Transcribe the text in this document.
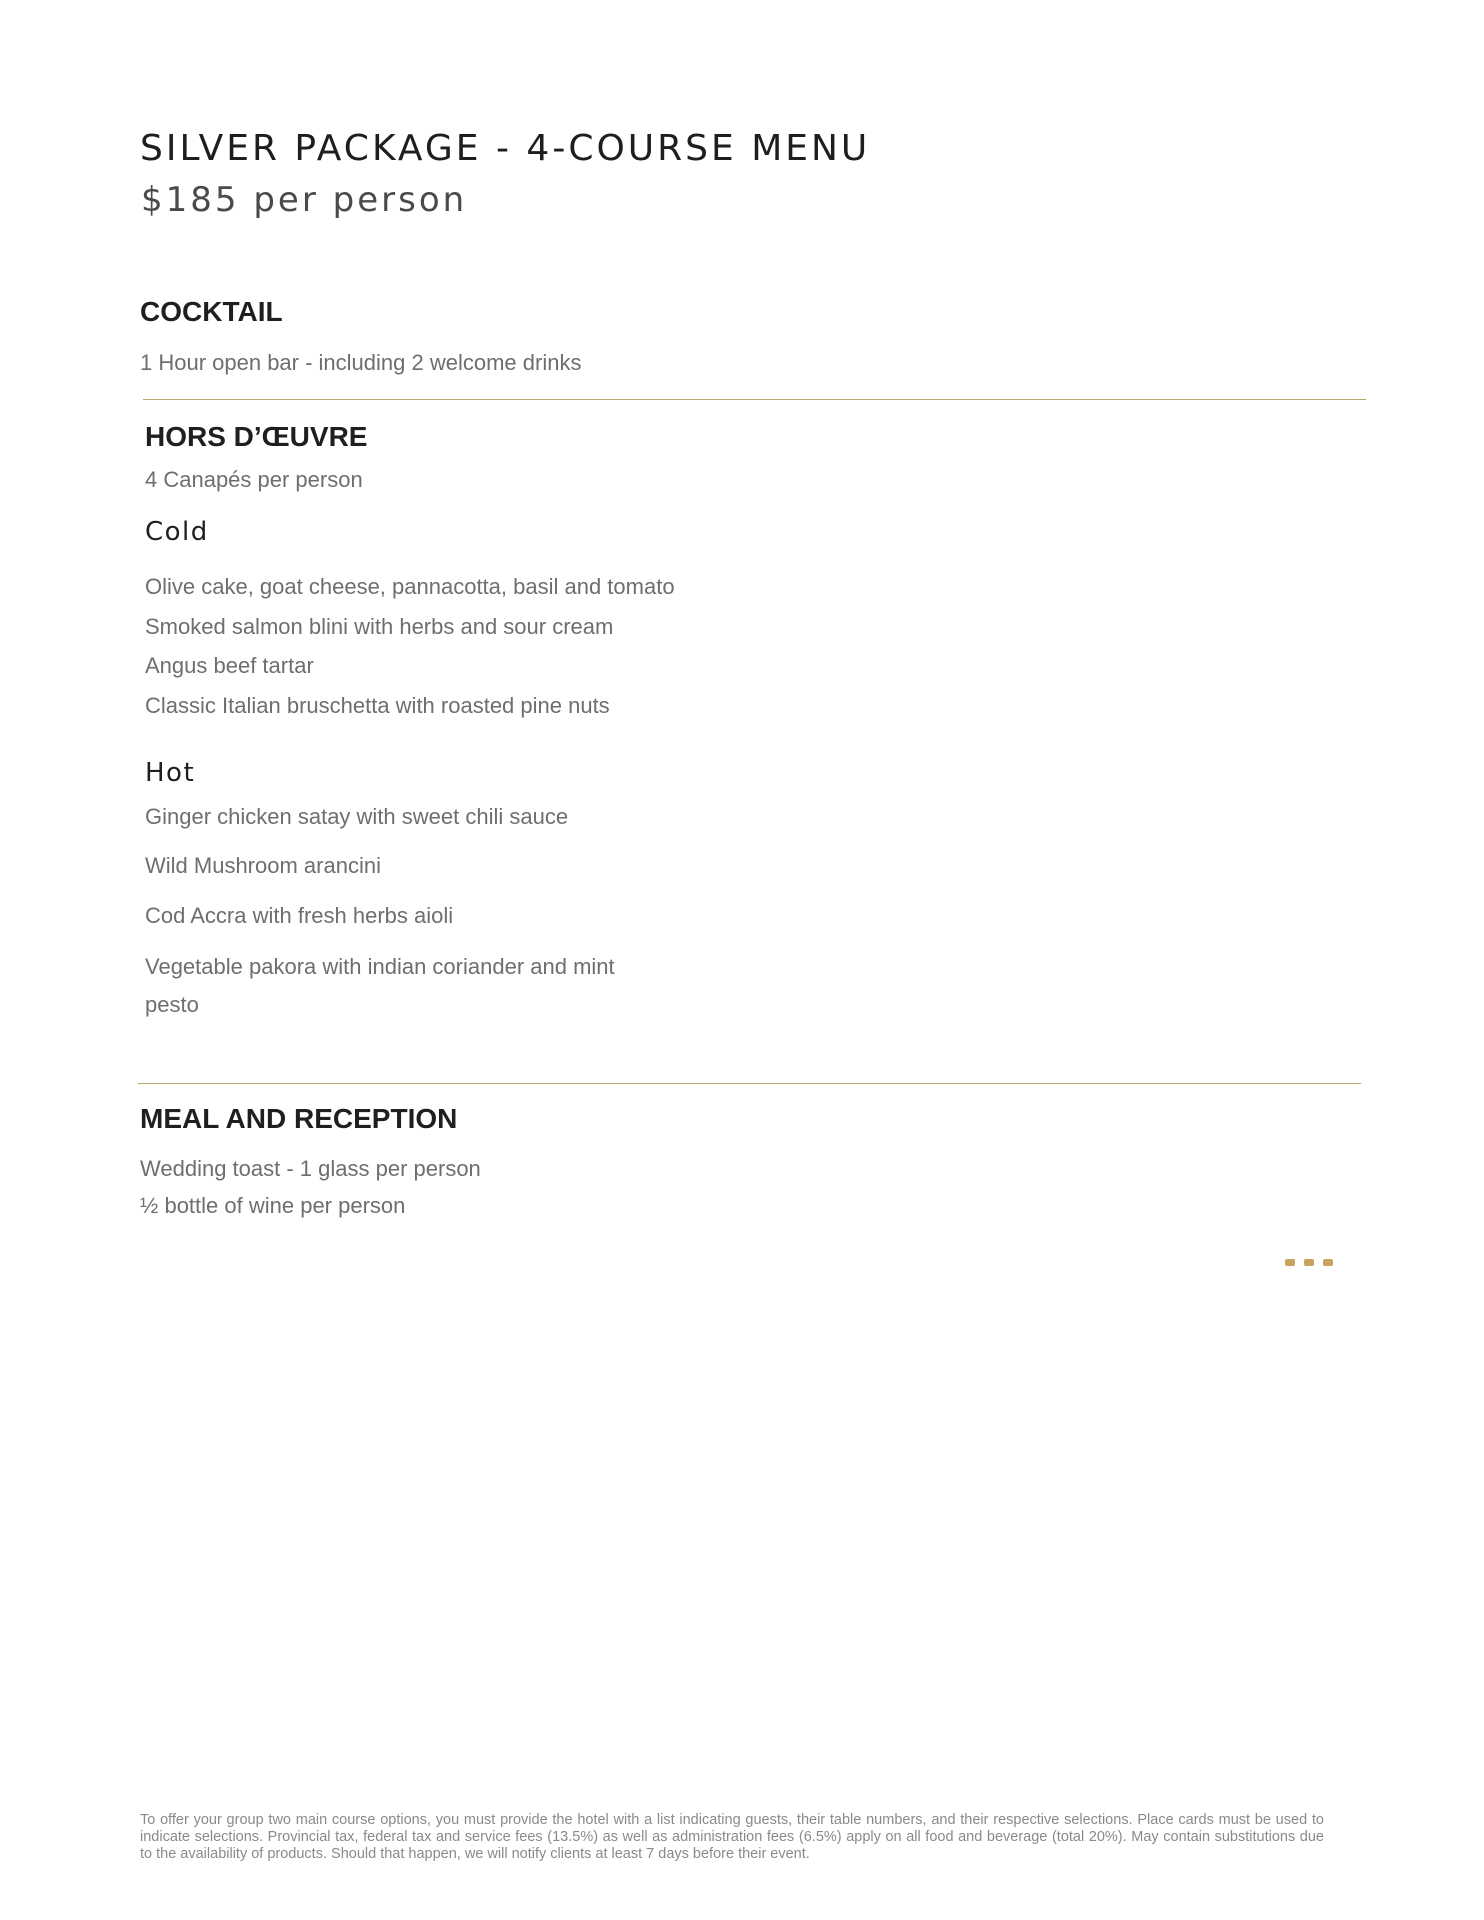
SILVER PACKAGE - 4-COURSE MENU
$185 per person
COCKTAIL
1 Hour open bar - including 2 welcome drinks
HORS D’ŒUVRE
4 Canapés per person
Cold
Olive cake, goat cheese, pannacotta, basil and tomato
Smoked salmon blini with herbs and sour cream
Angus beef tartar
Classic Italian bruschetta with roasted pine nuts
Hot
Ginger chicken satay with sweet chili sauce
Wild Mushroom arancini
Cod Accra with fresh herbs aioli
Vegetable pakora with indian coriander and mint
pesto
MEAL AND RECEPTION
Wedding toast - 1 glass per person
½ bottle of wine per person
To offer your group two main course options, you must provide the hotel with a list indicating guests, their table numbers, and their respective selections. Place cards must be used to indicate selections. Provincial tax, federal tax and service fees (13.5%) as well as administration fees (6.5%) apply on all food and beverage (total 20%). May contain substitutions due to the availability of products. Should that happen, we will notify clients at least 7 days before their event.
